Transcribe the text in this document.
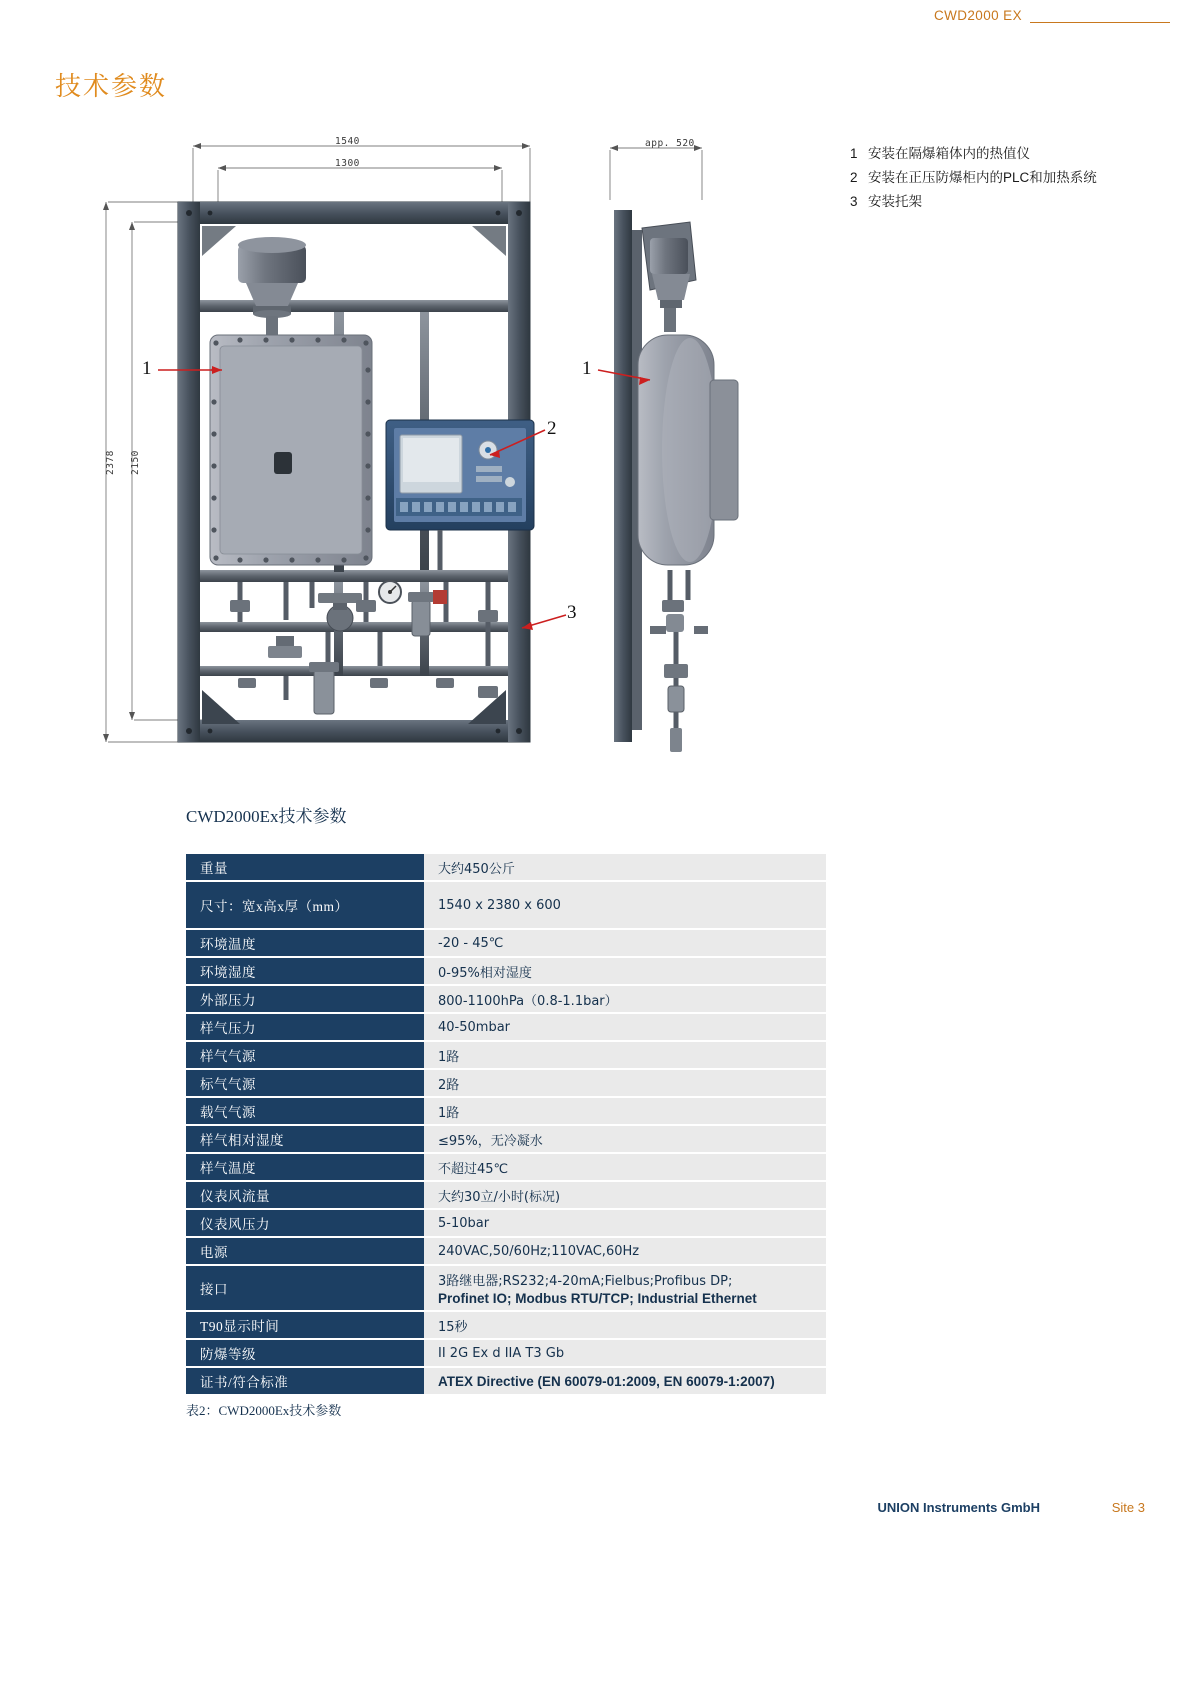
CWD2000 EX
技术参数
1 安装在隔爆箱体内的热值仪
2 安装在正压防爆柜内的PLC和加热系统
3 安装托架
1540
1300
app. 520
2378 2150
1
2
1
3
CWD2000Ex技术参数
重量	大约450公斤
尺寸：宽x高x厚（mm）	1540 x 2380 x 600
环境温度	-20 - 45℃
环境湿度	0-95%相对湿度
外部压力	800-1100hPa（0.8-1.1bar）
样气压力	40-50mbar
样气气源	1路
标气气源	2路
载气气源	1路
样气相对湿度	≤95%，无冷凝水
样气温度	不超过45℃
仪表风流量	大约30立/小时(标况)
仪表风压力	5-10bar
电源	240VAC,50/60Hz;110VAC,60Hz
接口	3路继电器;RS232;4-20mA;Fielbus;Profibus DP;
Profinet IO; Modbus RTU/TCP; Industrial Ethernet

T90显示时间	15秒
防爆等级	II 2G Ex d IIA T3 Gb
证书/符合标准	ATEX Directive (EN 60079-01:2009, EN 60079-1:2007)
表2：CWD2000Ex技术参数
UNION Instruments GmbH	Site 3
